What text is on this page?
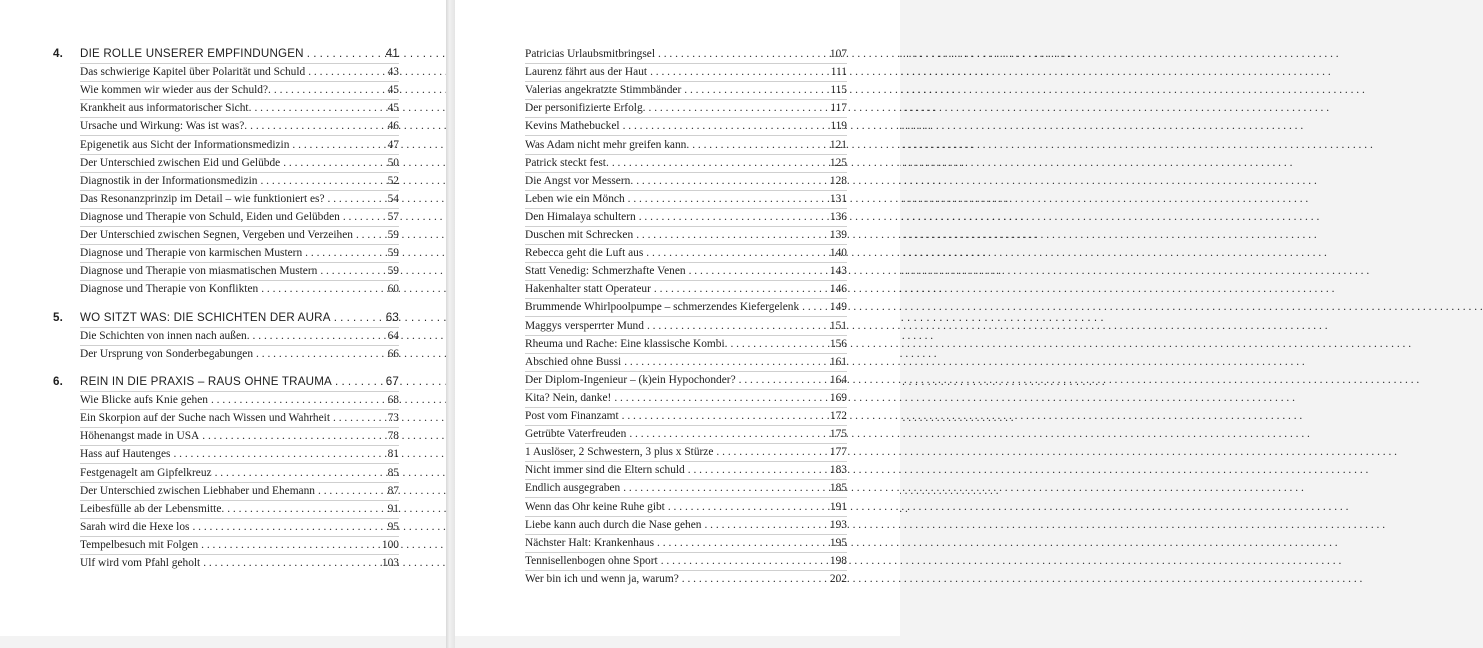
4. DIE ROLLE UNSERER EMPFINDUNGEN . . .	41
Das schwierige Kapitel über Polarität und Schuld . . .	43
Wie kommen wir wieder aus der Schuld?. . . .	45
Krankheit aus informatorischer Sicht. . . .	45
Ursache und Wirkung: Was ist was?. . . .	46
Epigenetik aus Sicht der Informationsmedizin . . .	47
Der Unterschied zwischen Eid und Gelübde . . .	50
Diagnostik in der Informationsmedizin . . .	52
Das Resonanzprinzip im Detail – wie funktioniert es? . . .	54
Diagnose und Therapie von Schuld, Eiden und Gelübden . . .	57
Der Unterschied zwischen Segnen, Vergeben und Verzeihen . . .	59
Diagnose und Therapie von karmischen Mustern . . .	59
Diagnose und Therapie von miasmatischen Mustern . . .	59
Diagnose und Therapie von Konflikten . . .	60
5. WO SITZT WAS: DIE SCHICHTEN DER AURA . . .	63
Die Schichten von innen nach außen. . . .	64
Der Ursprung von Sonderbegabungen . . .	66
6. REIN IN DIE PRAXIS – RAUS OHNE TRAUMA . . .	67
Wie Blicke aufs Knie gehen . . .	68
Ein Skorpion auf der Suche nach Wissen und Wahrheit . . .	73
Höhenangst made in USA . . .	78
Hass auf Hautenges . . .	81
Festgenagelt am Gipfelkreuz . . .	85
Der Unterschied zwischen Liebhaber und Ehemann . . .	87
Leibesfülle ab der Lebensmitte. . . .	91
Sarah wird die Hexe los . . .	95
Tempelbesuch mit Folgen . . .	100
Ulf wird vom Pfahl geholt . . .	103
Patricias Urlaubsmitbringsel . . .	107
Laurenz fährt aus der Haut . . .	111
Valerias angekratzte Stimmbänder . . .	115
Der personifizierte Erfolg. . . .	117
Kevins Mathebuckel . . .	119
Was Adam nicht mehr greifen kann. . . .	121
Patrick steckt fest. . . .	125
Die Angst vor Messern. . . .	128
Leben wie ein Mönch . . .	131
Den Himalaya schultern . . .	136
Duschen mit Schrecken . . .	139
Rebecca geht die Luft aus . . .	140
Statt Venedig: Schmerzhafte Venen . . .	143
Hakenhalter statt Operateur . . .	146
Brummende Whirlpoolpumpe – schmerzendes Kiefergelenk . . .	149
Maggys versperrter Mund . . .	151
Rheuma und Rache: Eine klassische Kombi. . . .	156
Abschied ohne Bussi . . .	161
Der Diplom-Ingenieur – (k)ein Hypochonder? . . .	164
Kita? Nein, danke! . . .	169
Post vom Finanzamt . . .	172
Getrübte Vaterfreuden . . .	175
1 Auslöser, 2 Schwestern, 3 plus x Stürze . . .	177
Nicht immer sind die Eltern schuld . . .	183
Endlich ausgegraben . . .	185
Wenn das Ohr keine Ruhe gibt . . .	191
Liebe kann auch durch die Nase gehen . . .	193
Nächster Halt: Krankenhaus . . .	195
Tennisellenbogen ohne Sport . . .	198
Wer bin ich und wenn ja, warum? . . .	202
